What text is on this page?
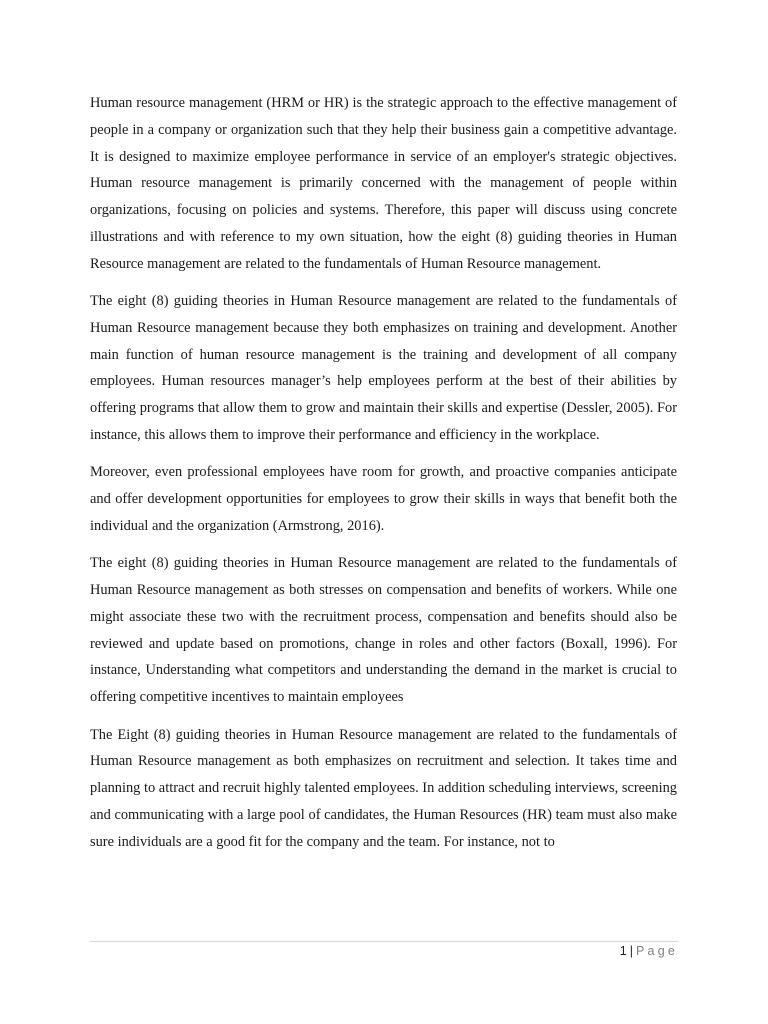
Human resource management (HRM or HR) is the strategic approach to the effective management of people in a company or organization such that they help their business gain a competitive advantage. It is designed to maximize employee performance in service of an employer's strategic objectives. Human resource management is primarily concerned with the management of people within organizations, focusing on policies and systems. Therefore, this paper will discuss using concrete illustrations and with reference to my own situation, how the eight (8) guiding theories in Human Resource management are related to the fundamentals of Human Resource management.

The eight (8) guiding theories in Human Resource management are related to the fundamentals of Human Resource management because they both emphasizes on training and development. Another main function of human resource management is the training and development of all company employees. Human resources manager’s help employees perform at the best of their abilities by offering programs that allow them to grow and maintain their skills and expertise (Dessler, 2005). For instance, this allows them to improve their performance and efficiency in the workplace.

Moreover, even professional employees have room for growth, and proactive companies anticipate and offer development opportunities for employees to grow their skills in ways that benefit both the individual and the organization (Armstrong, 2016).

The eight (8) guiding theories in Human Resource management are related to the fundamentals of Human Resource management as both stresses on compensation and benefits of workers. While one might associate these two with the recruitment process, compensation and benefits should also be reviewed and update based on promotions, change in roles and other factors (Boxall, 1996). For instance, Understanding what competitors and understanding the demand in the market is crucial to offering competitive incentives to maintain employees

The Eight (8) guiding theories in Human Resource management are related to the fundamentals of Human Resource management as both emphasizes on recruitment and selection. It takes time and planning to attract and recruit highly talented employees. In addition scheduling interviews, screening and communicating with a large pool of candidates, the Human Resources (HR) team must also make sure individuals are a good fit for the company and the team. For instance, not to

1 | Page
